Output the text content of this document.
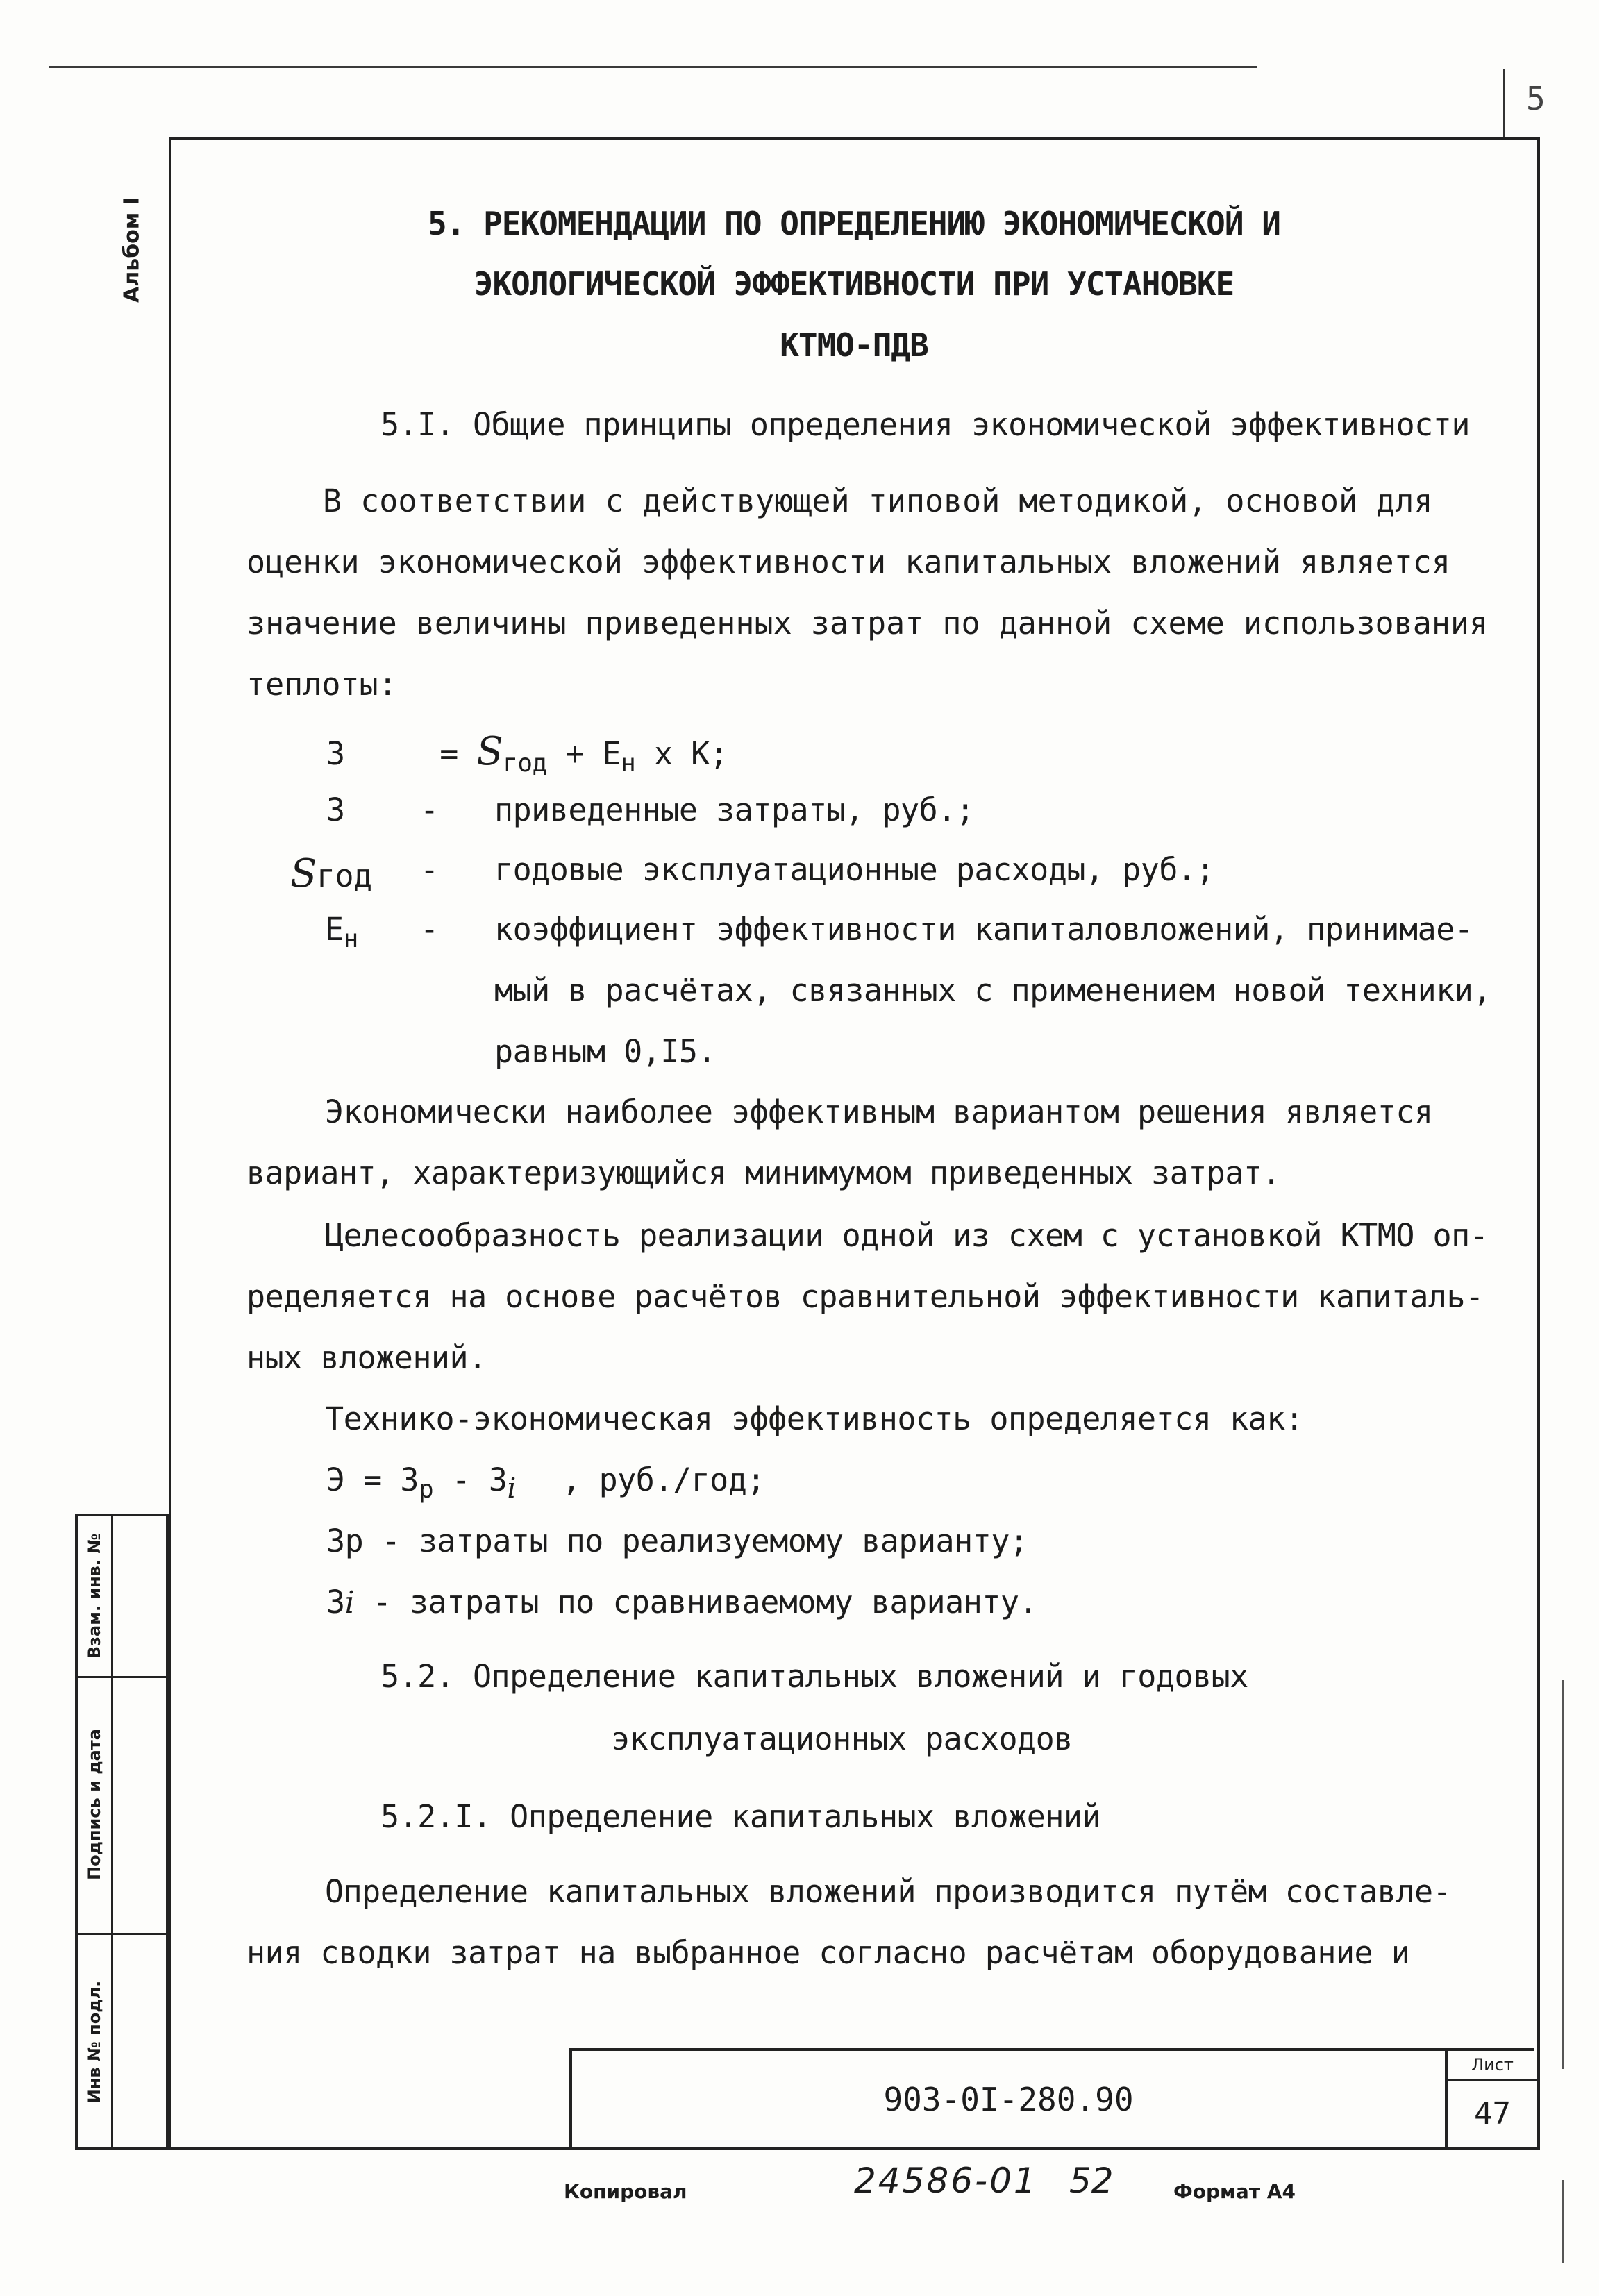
5
Альбом I
Взам. инв. №
Подпись и дата
Инв № подл.
5. РЕКОМЕНДАЦИИ ПО ОПРЕДЕЛЕНИЮ ЭКОНОМИЧЕСКОЙ И
ЭКОЛОГИЧЕСКОЙ ЭФФЕКТИВНОСТИ ПРИ УСТАНОВКЕ
КТМО-ПДВ
5.I. Общие принципы определения экономической эффективности
В соответствии с действующей типовой методикой, основой для оценки экономической эффективности капитальных вложений является значение величины приведенных затрат по данной схеме использования теплоты:
З	= $S_{год} + Е_н$ х К;
З - приведенные затраты, руб.;
Sгод - годовые эксплуатационные расходы, руб.;
$Е_н$ - коэффициент эффективности капиталовложений, принимае-
мый в расчётах, связанных с применением новой техники,
равным 0,I5.
Экономически наиболее эффективным вариантом решения является
вариант, характеризующийся минимумом приведенных затрат.
Целесообразность реализации одной из схем с установкой КТМО оп-
ределяется на основе расчётов сравнительной эффективности капиталь-
ных вложений.
Технико-экономическая эффективность определяется как:
$Э = З_р - З_i$ , руб./год;
Зр - затраты по реализуемому варианту;
Зi - затраты по сравниваемому варианту.
5.2. Определение капитальных вложений и годовых
эксплуатационных расходов
5.2.I. Определение капитальных вложений
Определение капитальных вложений производится путём составле-
ния сводки затрат на выбранное согласно расчётам оборудование и
903-0I-280.90
Лист
47
Копировал	24586-01 52	Формат А4
